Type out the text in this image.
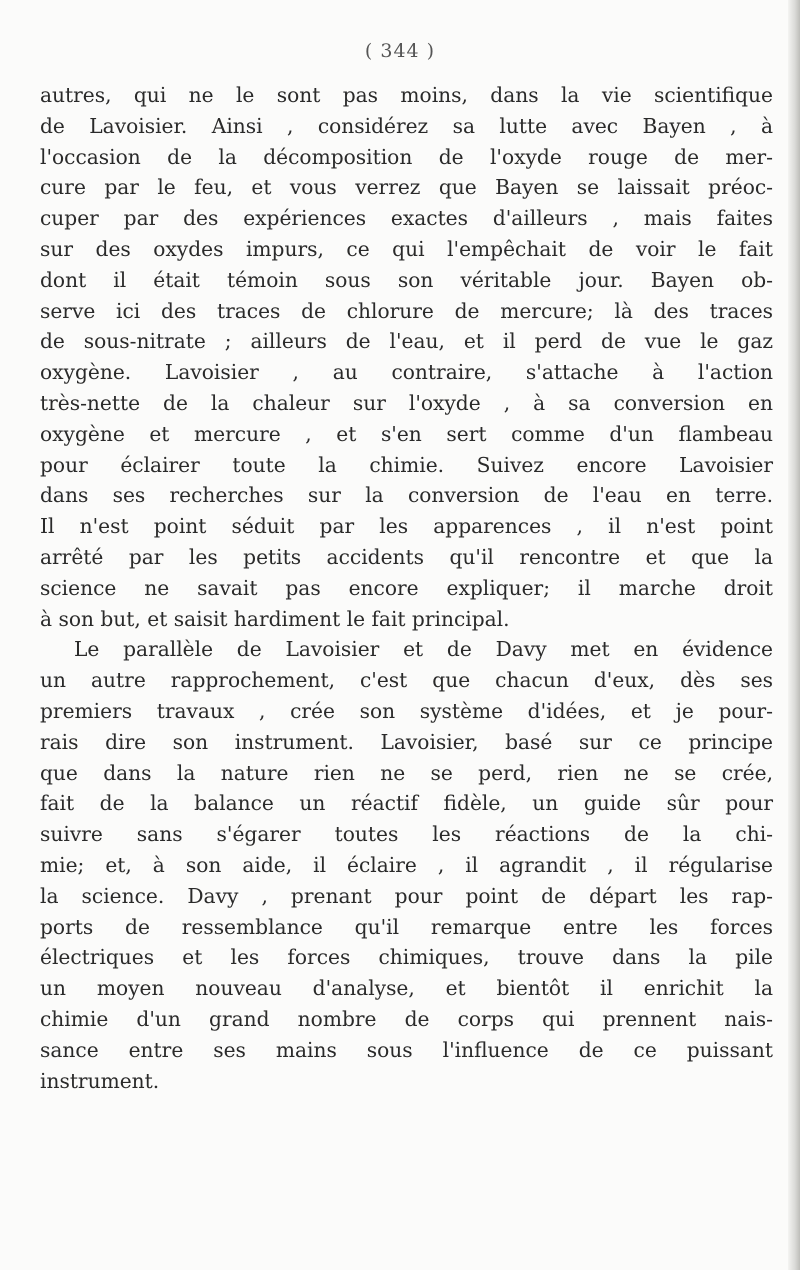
( 344 )
autres, qui ne le sont pas moins, dans la vie scientifique
de Lavoisier. Ainsi , considérez sa lutte avec Bayen , à
l'occasion de la décomposition de l'oxyde rouge de mer-
cure par le feu, et vous verrez que Bayen se laissait préoc-
cuper par des expériences exactes d'ailleurs , mais faites
sur des oxydes impurs, ce qui l'empêchait de voir le fait
dont il était témoin sous son véritable jour. Bayen ob-
serve ici des traces de chlorure de mercure; là des traces
de sous-nitrate ; ailleurs de l'eau, et il perd de vue le gaz
oxygène. Lavoisier , au contraire, s'attache à l'action
très-nette de la chaleur sur l'oxyde , à sa conversion en
oxygène et mercure , et s'en sert comme d'un flambeau
pour éclairer toute la chimie. Suivez encore Lavoisier
dans ses recherches sur la conversion de l'eau en terre.
Il n'est point séduit par les apparences , il n'est point
arrêté par les petits accidents qu'il rencontre et que la
science ne savait pas encore expliquer; il marche droit
à son but, et saisit hardiment le fait principal.
Le parallèle de Lavoisier et de Davy met en évidence
un autre rapprochement, c'est que chacun d'eux, dès ses
premiers travaux , crée son système d'idées, et je pour-
rais dire son instrument. Lavoisier, basé sur ce principe
que dans la nature rien ne se perd, rien ne se crée,
fait de la balance un réactif fidèle, un guide sûr pour
suivre sans s'égarer toutes les réactions de la chi-
mie; et, à son aide, il éclaire , il agrandit , il régularise
la science. Davy , prenant pour point de départ les rap-
ports de ressemblance qu'il remarque entre les forces
électriques et les forces chimiques, trouve dans la pile
un moyen nouveau d'analyse, et bientôt il enrichit la
chimie d'un grand nombre de corps qui prennent nais-
sance entre ses mains sous l'influence de ce puissant
instrument.
